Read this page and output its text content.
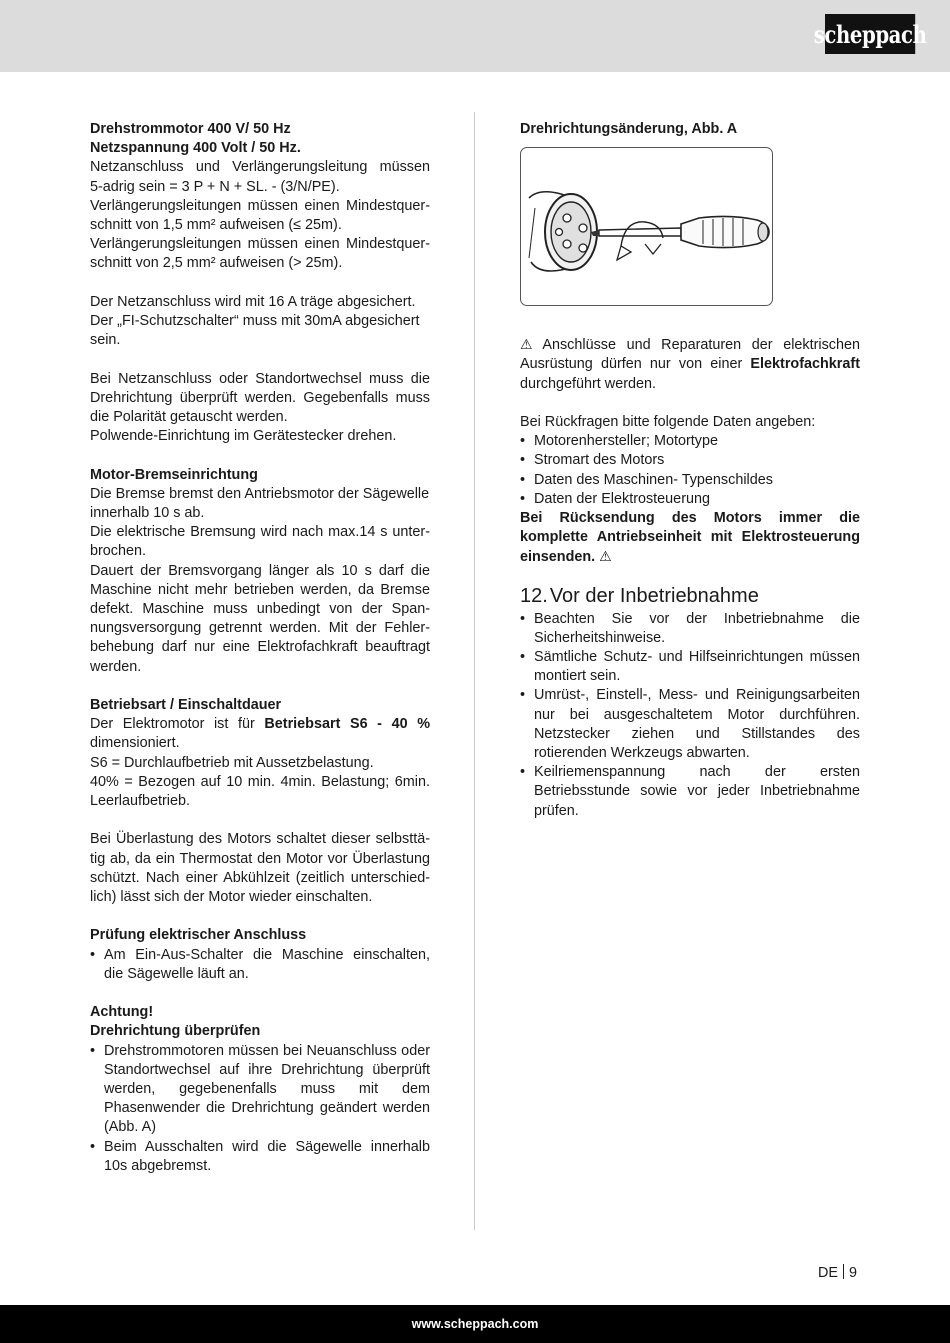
scheppach

Drehstrommotor 400 V/ 50 Hz

Netzspannung 400 Volt / 50 Hz.

Netzanschluss und Verlängerungsleitung müssen

5-adrig sein = 3 P + N + SL. - (3/N/PE).

Verlängerungsleitungen müssen einen Mindestquer-

schnitt von 1,5 mm² aufweisen (≤ 25m).

Verlängerungsleitungen müssen einen Mindestquer-

schnitt von 2,5 mm² aufweisen (> 25m).

Der Netzanschluss wird mit 16 A träge abgesichert.

Der „FI-Schutzschalter“ muss mit 30mA abgesichert

sein.

Bei Netzanschluss oder Standortwechsel muss die

Drehrichtung überprüft werden. Gegebenfalls muss

die Polarität getauscht werden.

Polwende-Einrichtung im Gerätestecker drehen.

Motor-Bremseinrichtung

Die Bremse bremst den Antriebsmotor der Sägewelle

innerhalb 10 s ab.

Die elektrische Bremsung wird nach max.14 s unter-

brochen.

Dauert der Bremsvorgang länger als 10 s darf die

Maschine nicht mehr betrieben werden, da Bremse

defekt. Maschine muss unbedingt von der Span-

nungsversorgung getrennt werden. Mit der Fehler-

behebung darf nur eine Elektrofachkraft beauftragt

werden.

Betriebsart / Einschaltdauer

Der Elektromotor ist für Betriebsart S6 - 40 %

dimensioniert.

S6 = Durchlaufbetrieb mit Aussetzbelastung.

40% = Bezogen auf 10 min. 4min. Belastung; 6min.

Leerlaufbetrieb.

Bei Überlastung des Motors schaltet dieser selbsttä-

tig ab, da ein Thermostat den Motor vor Überlastung

schützt. Nach einer Abkühlzeit (zeitlich unterschied-

lich) lässt sich der Motor wieder einschalten.

Prüfung elektrischer Anschluss

• Am Ein-Aus-Schalter die Maschine einschalten, die Sägewelle läuft an.

Achtung!

Drehrichtung überprüfen

• Drehstrommotoren müssen bei Neuanschluss oder Standortwechsel auf ihre Drehrichtung überprüft werden, gegebenenfalls muss mit dem Phasenwender die Drehrichtung geändert werden (Abb. A)
• Beim Ausschalten wird die Sägewelle innerhalb 10s abgebremst.

Drehrichtungsänderung, Abb. A

⚠ Anschlüsse und Reparaturen der elektrischen Ausrüstung dürfen nur von einer Elektrofachkraft durchgeführt werden.

Bei Rückfragen bitte folgende Daten angeben:

• Motorenhersteller; Motortype
• Stromart des Motors
• Daten des Maschinen- Typenschildes
• Daten der Elektrosteuerung

Bei Rücksendung des Motors immer die komplette Antriebseinheit mit Elektrosteuerung einsenden. ⚠

12. Vor der Inbetriebnahme

• Beachten Sie vor der Inbetriebnahme die Sicherheitshinweise.
• Sämtliche Schutz- und Hilfseinrichtungen müssen montiert sein.
• Umrüst-, Einstell-, Mess- und Reinigungsarbeiten nur bei ausgeschaltetem Motor durchführen. Netzstecker ziehen und Stillstandes des rotierenden Werkzeugs abwarten.
• Keilriemenspannung nach der ersten Betriebsstunde sowie vor jeder Inbetriebnahme prüfen.
DE 9
www.scheppach.com
